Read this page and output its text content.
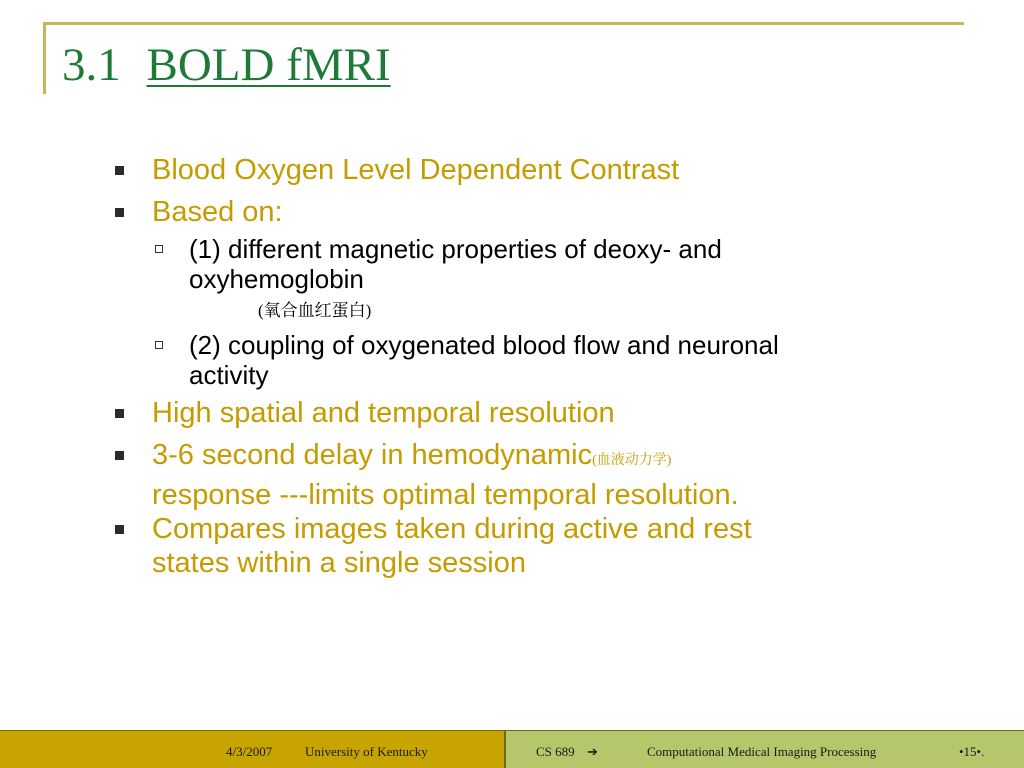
3.1 BOLD fMRI
Blood Oxygen Level Dependent Contrast
Based on:
(1) different magnetic properties of deoxy- and
oxyhemoglobin
(氧合血红蛋白)
(2) coupling of oxygenated blood flow and neuronal
activity
High spatial and temporal resolution
3-6 second delay in hemodynamic(血液动力学)
response ---limits optimal temporal resolution.
Compares images taken during active and rest
states within a single session
4/3/2007	University of Kentucky	CS 689 ➔	Computational Medical Imaging Processing	•15•.
